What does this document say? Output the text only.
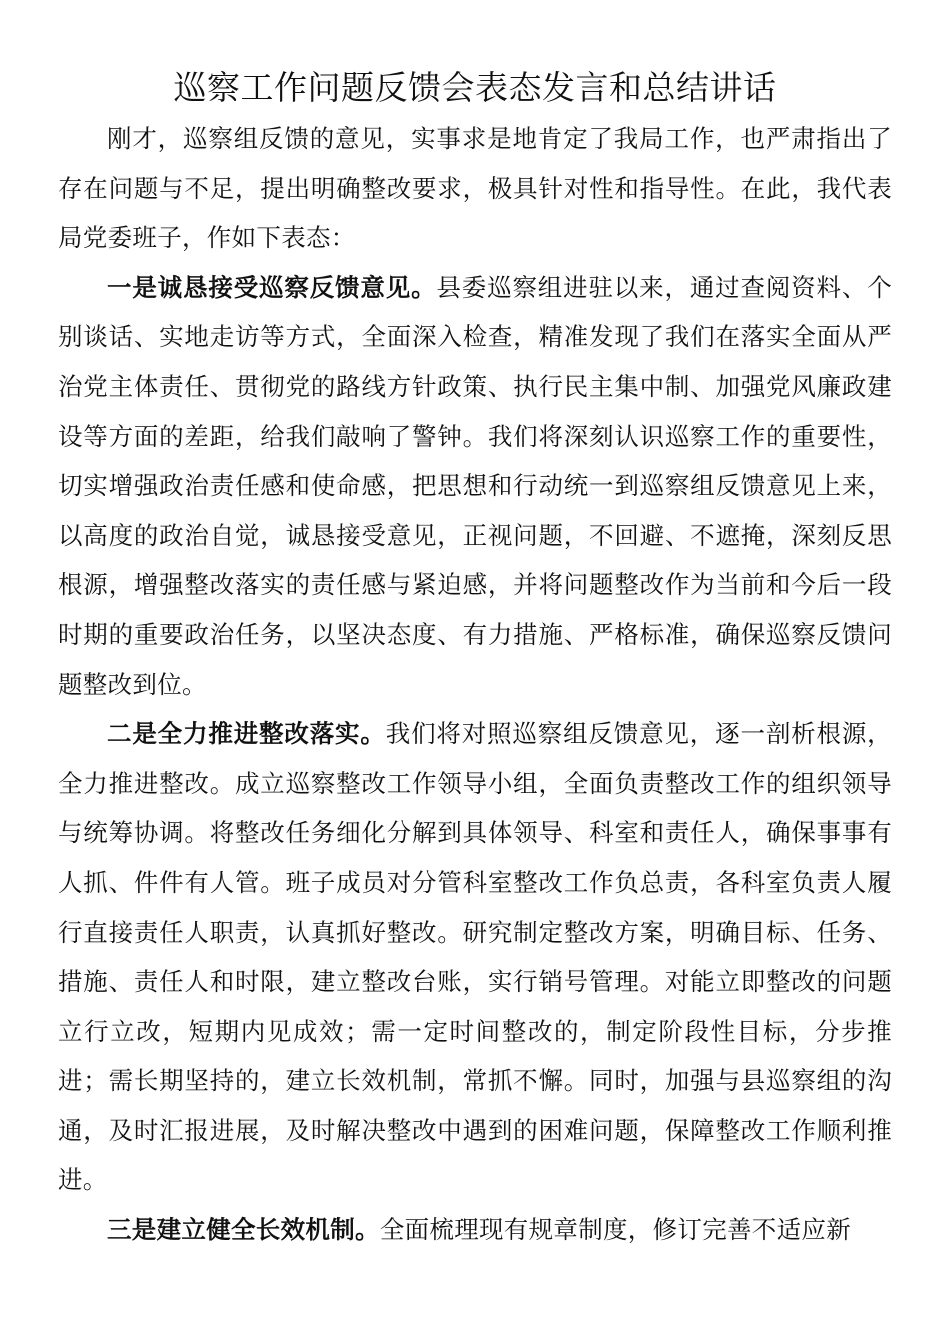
巡察工作问题反馈会表态发言和总结讲话

刚才，巡察组反馈的意见，实事求是地肯定了我局工作，也严肃指出了存在问题与不足，提出明确整改要求，极具针对性和指导性。在此，我代表局党委班子，作如下表态：

一是诚恳接受巡察反馈意见。县委巡察组进驻以来，通过查阅资料、个别谈话、实地走访等方式，全面深入检查，精准发现了我们在落实全面从严治党主体责任、贯彻党的路线方针政策、执行民主集中制、加强党风廉政建设等方面的差距，给我们敲响了警钟。我们将深刻认识巡察工作的重要性，切实增强政治责任感和使命感，把思想和行动统一到巡察组反馈意见上来，以高度的政治自觉，诚恳接受意见，正视问题，不回避、不遮掩，深刻反思根源，增强整改落实的责任感与紧迫感，并将问题整改作为当前和今后一段时期的重要政治任务，以坚决态度、有力措施、严格标准，确保巡察反馈问题整改到位。

二是全力推进整改落实。我们将对照巡察组反馈意见，逐一剖析根源，全力推进整改。成立巡察整改工作领导小组，全面负责整改工作的组织领导与统筹协调。将整改任务细化分解到具体领导、科室和责任人，确保事事有人抓、件件有人管。班子成员对分管科室整改工作负总责，各科室负责人履行直接责任人职责，认真抓好整改。研究制定整改方案，明确目标、任务、措施、责任人和时限，建立整改台账，实行销号管理。对能立即整改的问题立行立改，短期内见成效；需一定时间整改的，制定阶段性目标，分步推进；需长期坚持的，建立长效机制，常抓不懈。同时，加强与县巡察组的沟通，及时汇报进展，及时解决整改中遇到的困难问题，保障整改工作顺利推进。

三是建立健全长效机制。全面梳理现有规章制度，修订完善不适应新
